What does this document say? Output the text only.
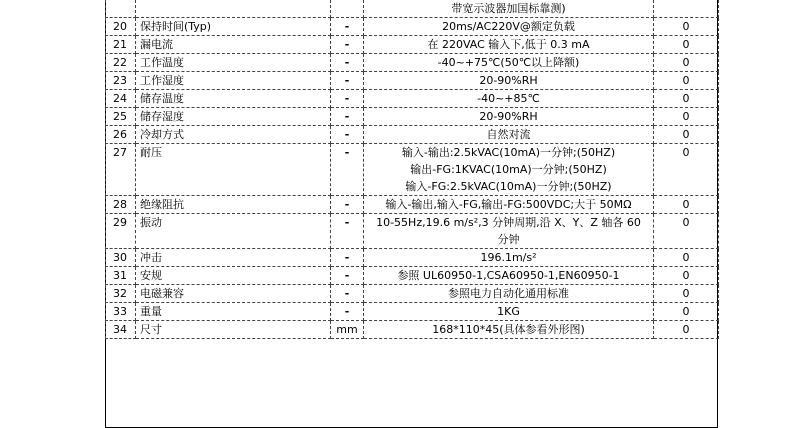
			带宽示波器加国标靠测)	

20	保持时间(Typ)	-	20ms/AC220V@额定负载	0
21	漏电流	-	在 220VAC 输入下,低于 0.3 mA	0
22	工作温度	-	-40~+75℃(50℃以上降额)	0
23	工作湿度	-	20-90%RH	0
24	储存温度	-	-40~+85℃	0
25	储存湿度	-	20-90%RH	0
26	冷却方式	-	自然对流	0
27	耐压	-	输入-输出:2.5kVAC(10mA)一分钟;(50HZ)
输出-FG:1KVAC(10mA)一分钟;(50HZ)
输入-FG:2.5kVAC(10mA)一分钟;(50HZ)	0
28	绝缘阻抗	-	输入-输出,输入-FG,输出-FG:500VDC;大于 50MΩ	0
29	振动	-	10-55Hz,19.6 m/s²,3 分钟周期,沿 X、Y、Z 轴各 60
分钟	0
30	冲击	-	196.1m/s²	0
31	安规	-	参照 UL60950-1,CSA60950-1,EN60950-1	0
32	电磁兼容	-	参照电力自动化通用标准	0
33	重量	-	1KG	0
34	尺寸	mm	168*110*45(具体参看外形图)	0
